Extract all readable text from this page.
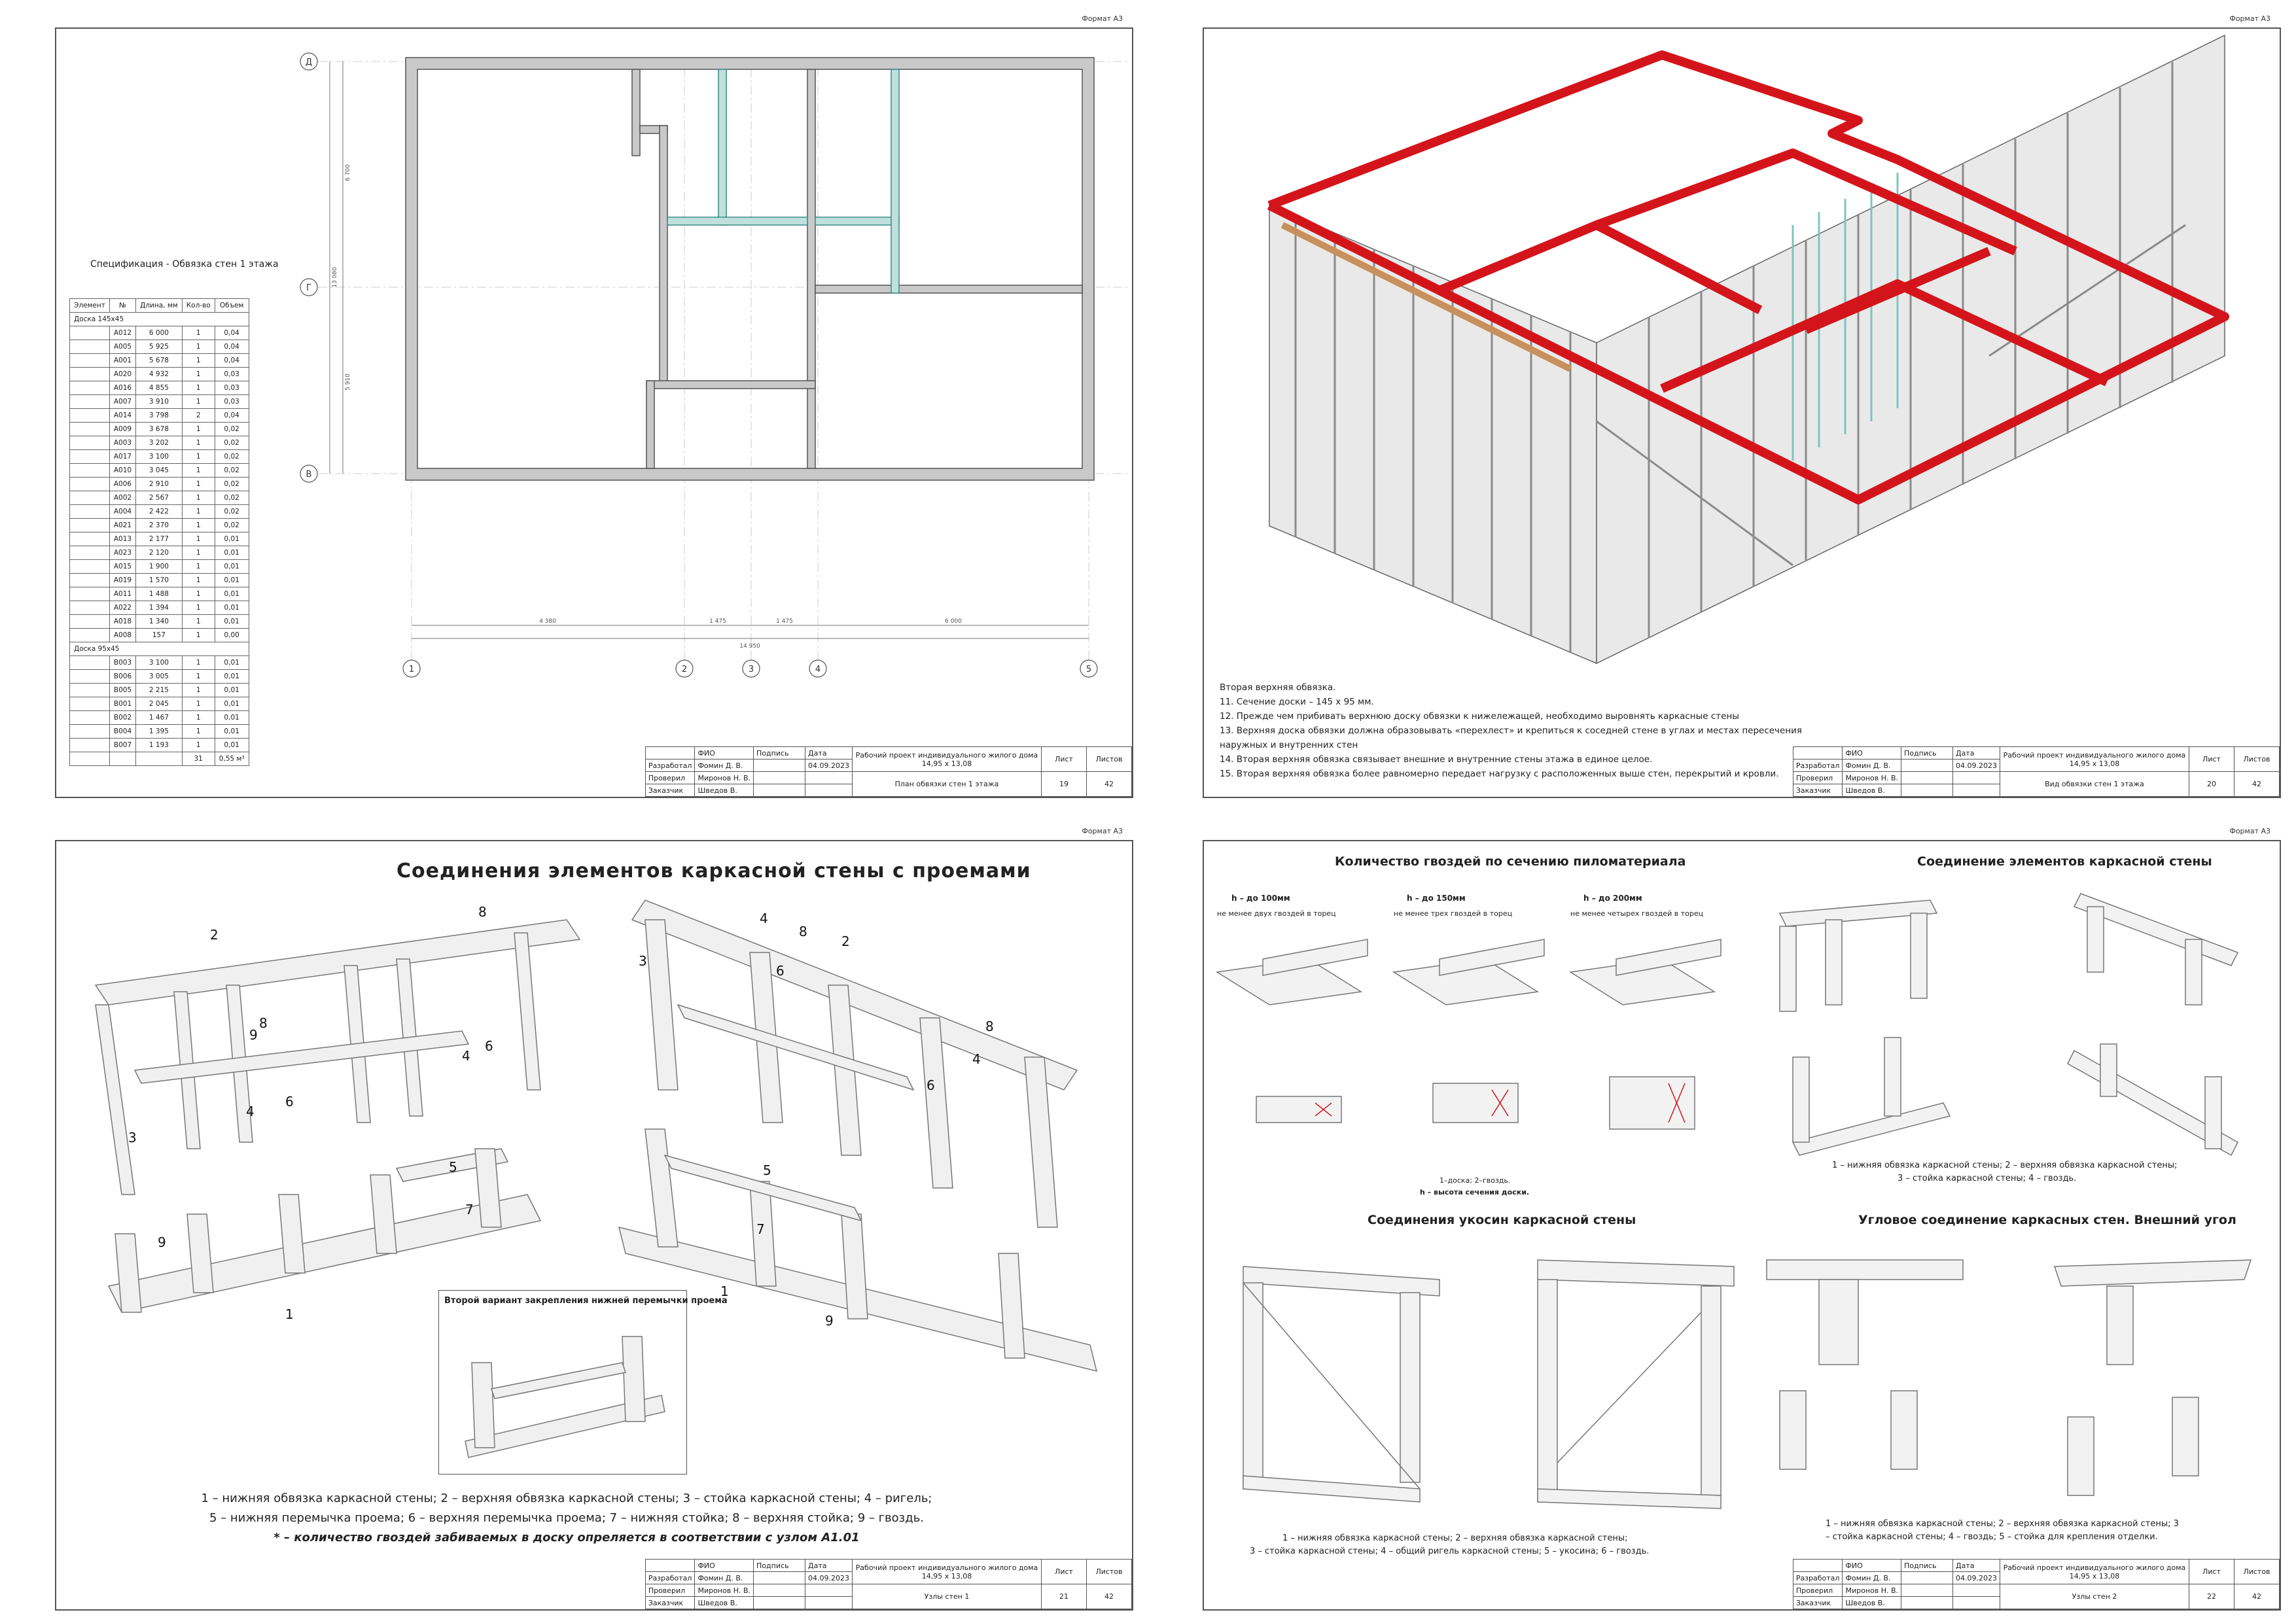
Формат А3
Спецификация - Обвязка стен 1 этажа
Элемент	№	Длина, мм	Кол-во	Объем
Доска 145х45				
	А012	6 000	1	0,04
	А005	5 925	1	0,04
	А001	5 678	1	0,04
	А020	4 932	1	0,03
	А016	4 855	1	0,03
	А007	3 910	1	0,03
	А014	3 798	2	0,04
	А009	3 678	1	0,02
	А003	3 202	1	0,02
	А017	3 100	1	0,02
	А010	3 045	1	0,02
	А006	2 910	1	0,02
	А002	2 567	1	0,02
	А004	2 422	1	0,02
	А021	2 370	1	0,02
	А013	2 177	1	0,01
	А023	2 120	1	0,01
	А015	1 900	1	0,01
	А019	1 570	1	0,01
	А011	1 488	1	0,01
	А022	1 394	1	0,01
	А018	1 340	1	0,01
	А008	157	1	0,00
Доска 95х45				
	В003	3 100	1	0,01
	В006	3 005	1	0,01
	В005	2 215	1	0,01
	В001	2 045	1	0,01
	В002	1 467	1	0,01
	В004	1 395	1	0,01
	В007	1 193	1	0,01
			31	0,55 м³
Д
Г
В
1	2	3	4	5
4 380	1 475	1 475	6 000
14 950
6 700
5 910
13 080
	ФИО	Подпись	Дата	Рабочий проект индивидуального жилого дома
14,95 х 13,08	Лист	Листов
Разработал	Фомин Д. В.		04.09.2023			
Проверил	Миронов Н. В.			План обвязки стен 1 этажа	19	42
Заказчик	Шведов В.					
Формат А3
Вторая верхняя обвязка.
11. Сечение доски – 145 х 95 мм.
12. Прежде чем прибивать верхнюю доску обвязки к нижележащей, необходимо выровнять каркасные стены
13. Верхняя доска обвязки должна образовывать «перехлест» и крепиться к соседней стене в углах и местах пересечения
наружных и внутренних стен
14. Вторая верхняя обвязка связывает внешние и внутренние стены этажа в единое целое.
15. Вторая верхняя обвязка более равномерно передает нагрузку с расположенных выше стен, перекрытий и кровли.
	ФИО	Подпись	Дата	Рабочий проект индивидуального жилого дома
14,95 х 13,08	Лист	Листов
Разработал	Фомин Д. В.		04.09.2023			
Проверил	Миронов Н. В.			Вид обвязки стен 1 этажа	20	42
Заказчик	Шведов В.					
Формат А3
Соединения элементов каркасной стены с проемами
2
8
8
9
3
4
6
4
6
5
7
9
1
4
8
2
3
6
8
4
6
5
7
1
9
Второй вариант закрепления нижней перемычки проема
1 – нижняя обвязка каркасной стены; 2 – верхняя обвязка каркасной стены; 3 – стойка каркасной стены; 4 – ригель;
5 – нижняя перемычка проема; 6 – верхняя перемычка проема; 7 – нижняя стойка; 8 – верхняя стойка; 9 – гвоздь.
* – количество гвоздей забиваемых в доску опреляется в соответствии с узлом А1.01
	ФИО	Подпись	Дата	Рабочий проект индивидуального жилого дома
14,95 х 13,08	Лист	Листов
Разработал	Фомин Д. В.		04.09.2023			
Проверил	Миронов Н. В.			Узлы стен 1	21	42
Заказчик	Шведов В.					
Формат А3
Количество гвоздей по сечению пиломатериала
h – до 100мм
не менее двух гвоздей в торец
h – до 150мм
не менее трех гвоздей в торец
h – до 200мм
не менее четырех гвоздей в торец
1–доска; 2–гвоздь.
h – высота сечения доски.
Соединение элементов каркасной стены
1 – нижняя обвязка каркасной стены; 2 – верхняя обвязка каркасной стены;
3 – стойка каркасной стены; 4 – гвоздь.
Соединения укосин каркасной стены
1 – нижняя обвязка каркасной стены; 2 – верхняя обвязка каркасной стены;
3 – стойка каркасной стены; 4 – общий ригель каркасной стены; 5 – укосина; 6 – гвоздь.
Угловое соединение каркасных стен. Внешний угол
1 – нижняя обвязка каркасной стены; 2 – верхняя обвязка каркасной стены; 3
– стойка каркасной стены; 4 – гвоздь; 5 – стойка для крепления отделки.
	ФИО	Подпись	Дата	Рабочий проект индивидуального жилого дома
14,95 х 13,08	Лист	Листов
Разработал	Фомин Д. В.		04.09.2023			
Проверил	Миронов Н. В.			Узлы стен 2	22	42
Заказчик	Шведов В.					
